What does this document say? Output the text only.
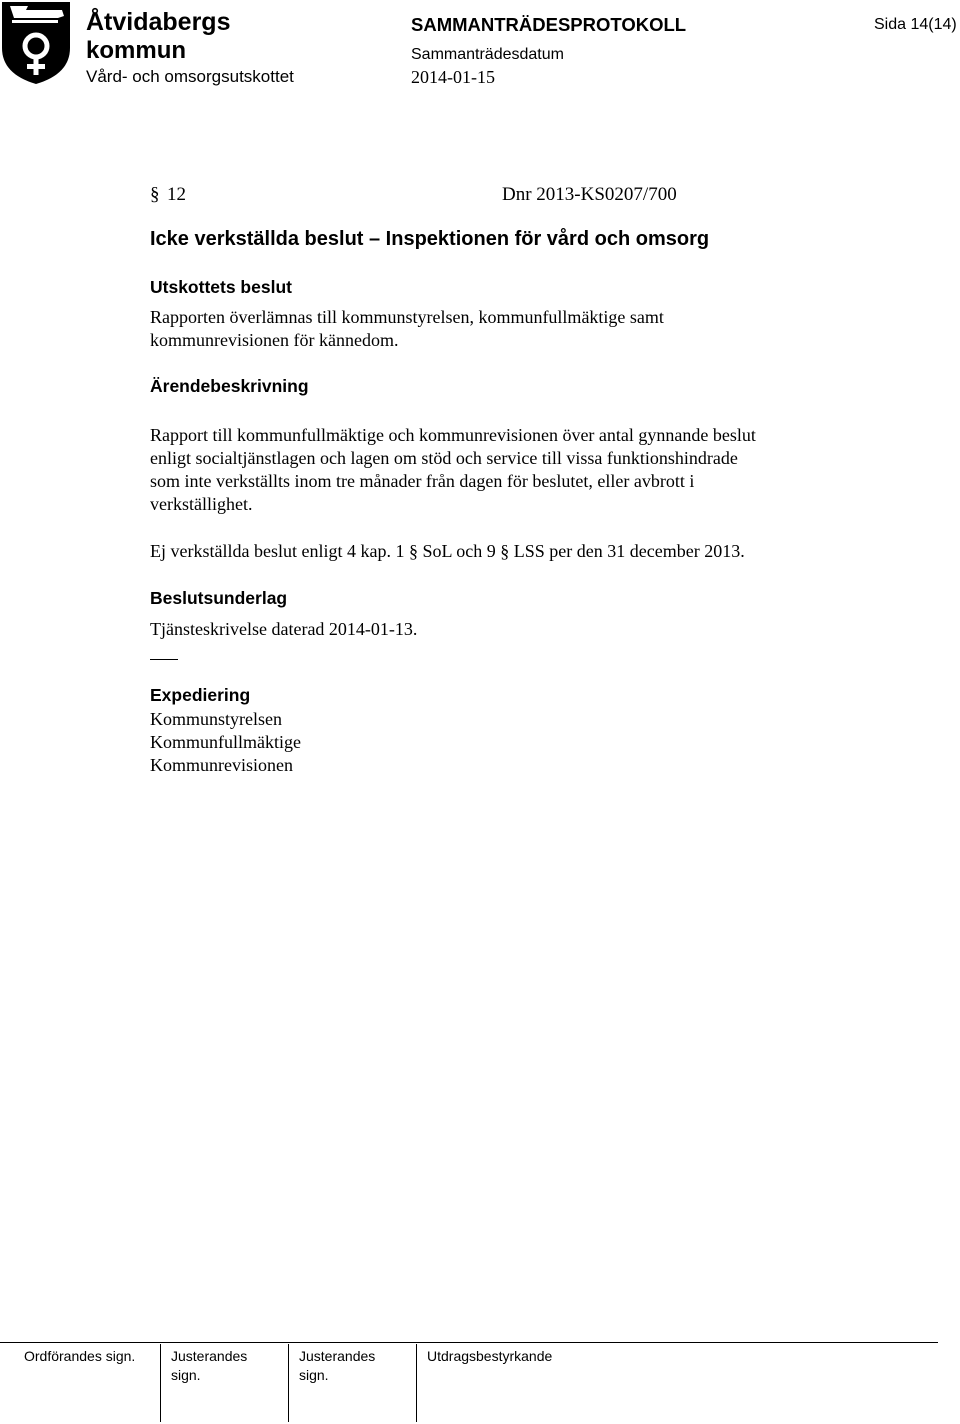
Åtvidabergs
kommun
Vård- och omsorgsutskottet
SAMMANTRÄDESPROTOKOLL
Sammanträdesdatum
2014-01-15
Sida 14(14)
§ 12	Dnr 2013-KS0207/700
Icke verkställda beslut – Inspektionen för vård och omsorg
Utskottets beslut
Rapporten överlämnas till kommunstyrelsen, kommunfullmäktige samt
kommunrevisionen för kännedom.
Ärendebeskrivning
Rapport till kommunfullmäktige och kommunrevisionen över antal gynnande beslut
enligt socialtjänstlagen och lagen om stöd och service till vissa funktionshindrade
som inte verkställts inom tre månader från dagen för beslutet, eller avbrott i
verkställighet.
Ej verkställda beslut enligt 4 kap. 1 § SoL och 9 § LSS per den 31 december 2013.
Beslutsunderlag
Tjänsteskrivelse daterad 2014-01-13.
Expediering
Kommunstyrelsen
Kommunfullmäktige
Kommunrevisionen
Ordförandes sign.	Justerandes
sign.
Justerandes
sign.
Utdragsbestyrkande
